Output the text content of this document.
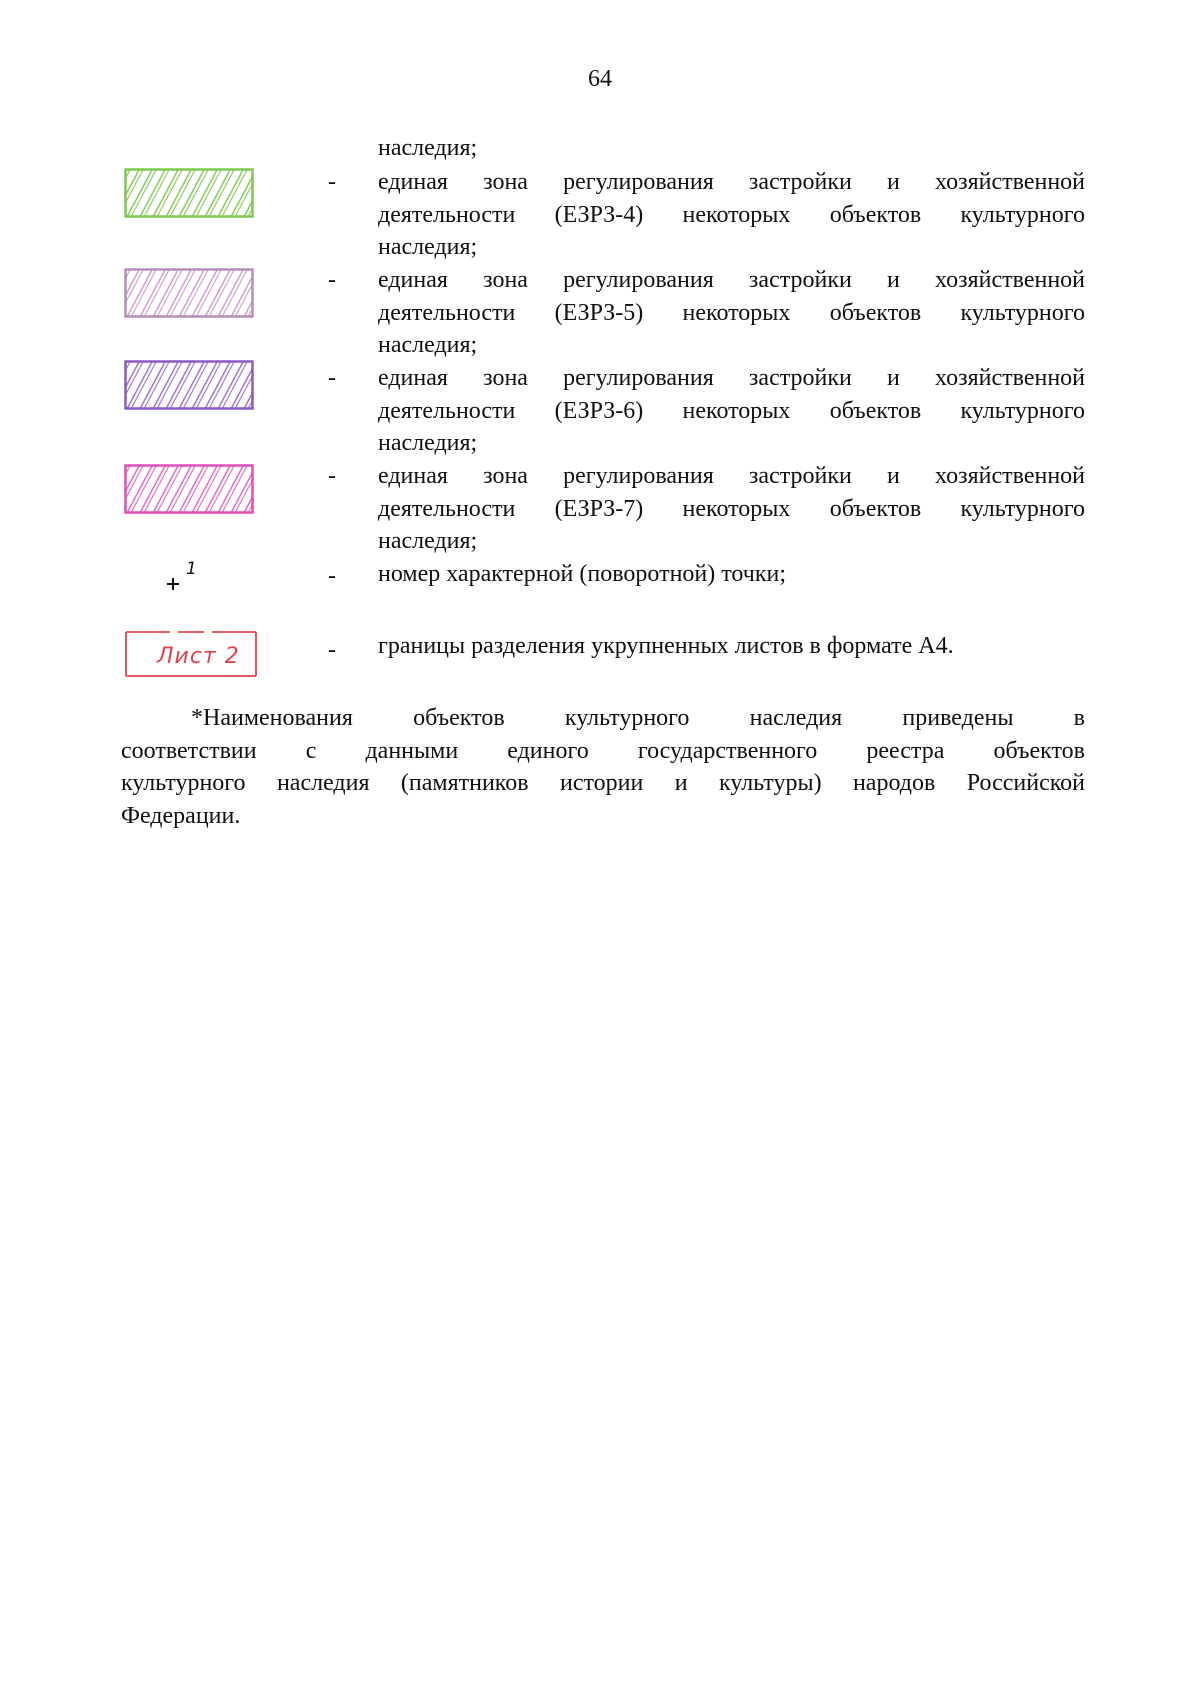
64
наследия;
- единая зона регулирования застройки и хозяйственной
деятельности (ЕЗРЗ-4) некоторых объектов культурного
наследия;
- единая зона регулирования застройки и хозяйственной
деятельности (ЕЗРЗ-5) некоторых объектов культурного
наследия;
- единая зона регулирования застройки и хозяйственной
деятельности (ЕЗРЗ-6) некоторых объектов культурного
наследия;
- единая зона регулирования застройки и хозяйственной
деятельности (ЕЗРЗ-7) некоторых объектов культурного
наследия;
- номер характерной (поворотной) точки;
1
- границы разделения укрупненных листов в формате А4.
Лист 2
*Наименования объектов культурного наследия приведены в
соответствии с данными единого государственного реестра объектов
культурного наследия (памятников истории и культуры) народов Российской
Федерации.
